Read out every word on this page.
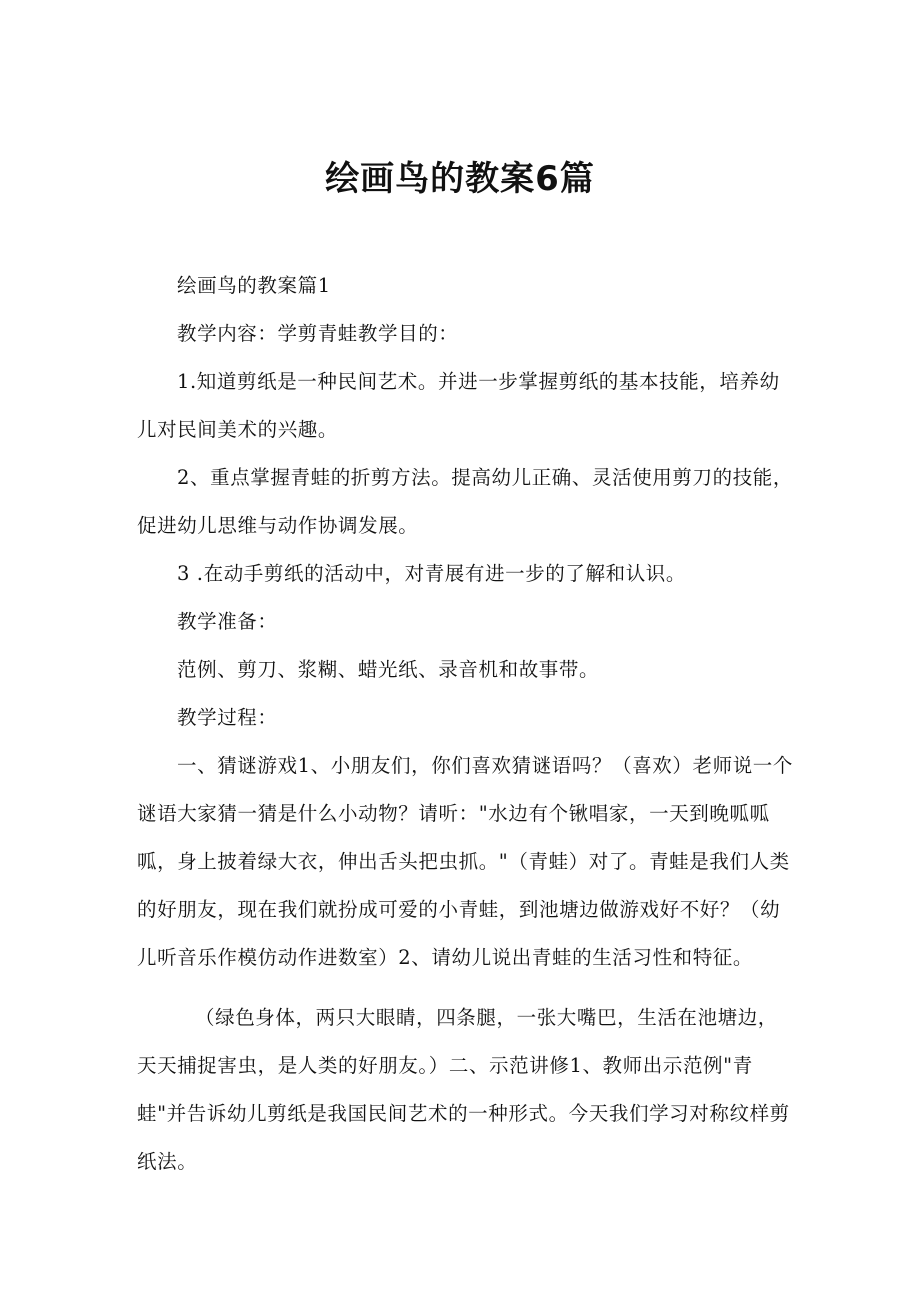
绘画鸟的教案6篇

绘画鸟的教案篇1

教学内容：学剪青蛙教学目的：

1.知道剪纸是一种民间艺术。并进一步掌握剪纸的基本技能，培养幼儿对民间美术的兴趣。

2、重点掌握青蛙的折剪方法。提高幼儿正确、灵活使用剪刀的技能，促进幼儿思维与动作协调发展。

3 .在动手剪纸的活动中，对青展有进一步的了解和认识。

教学准备：

范例、剪刀、浆糊、蜡光纸、录音机和故事带。

教学过程：

一、猜谜游戏1、小朋友们，你们喜欢猜谜语吗？（喜欢）老师说一个谜语大家猜一猜是什么小动物？请听："水边有个锹唱家，一天到晚呱呱呱，身上披着绿大衣，伸出舌头把虫抓。"（青蛙）对了。青蛙是我们人类的好朋友，现在我们就扮成可爱的小青蛙，到池塘边做游戏好不好？（幼儿听音乐作模仿动作进数室）2、请幼儿说出青蛙的生活习性和特征。

（绿色身体，两只大眼睛，四条腿，一张大嘴巴，生活在池塘边，天天捕捉害虫，是人类的好朋友。）二、示范讲修1、教师出示范例"青蛙"并告诉幼儿剪纸是我国民间艺术的一种形式。今天我们学习对称纹样剪纸法。
